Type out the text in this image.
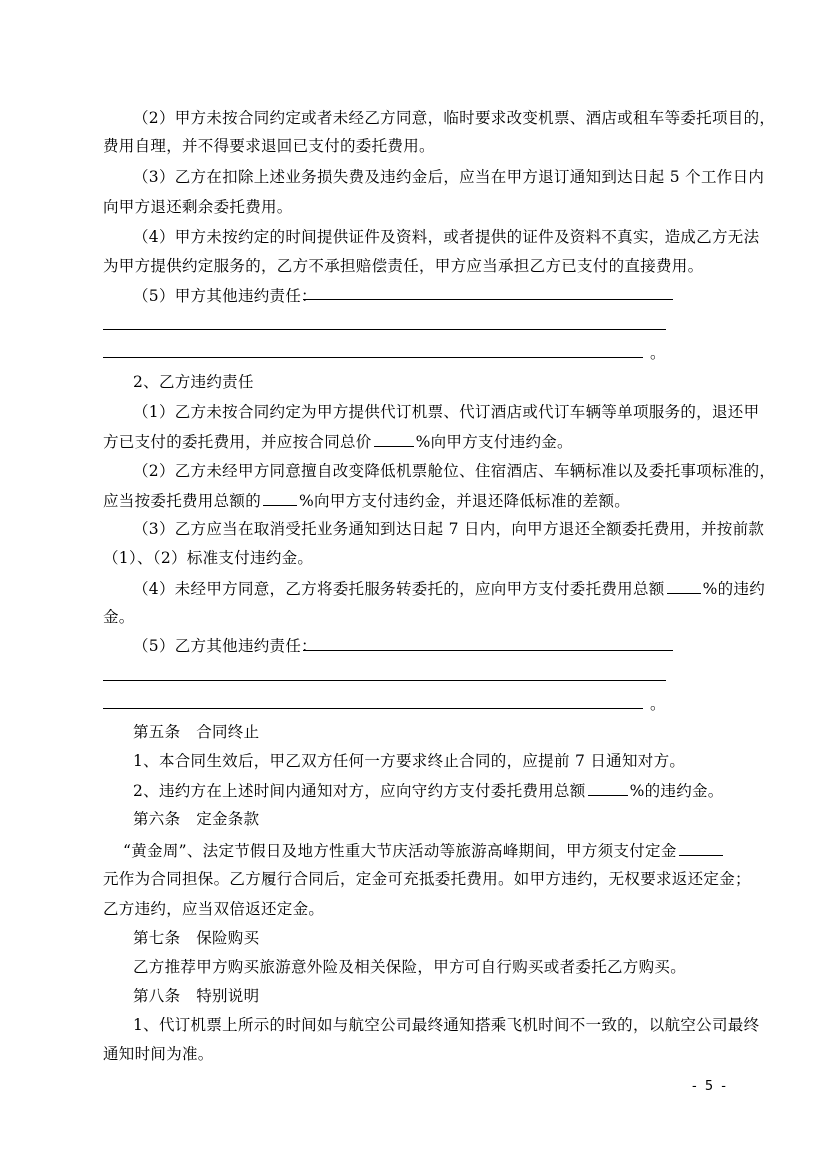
（2）甲方未按合同约定或者未经乙方同意，临时要求改变机票、酒店或租车等委托项目的，
费用自理，并不得要求退回已支付的委托费用。
（3）乙方在扣除上述业务损失费及违约金后，应当在甲方退订通知到达日起 5 个工作日内
向甲方退还剩余委托费用。
（4）甲方未按约定的时间提供证件及资料，或者提供的证件及资料不真实，造成乙方无法
为甲方提供约定服务的，乙方不承担赔偿责任，甲方应当承担乙方已支付的直接费用。
（5）甲方其他违约责任：
。
2、乙方违约责任
（1）乙方未按合同约定为甲方提供代订机票、代订酒店或代订车辆等单项服务的，退还甲
方已支付的委托费用，并应按合同总价	%向甲方支付违约金。
（2）乙方未经甲方同意擅自改变降低机票舱位、住宿酒店、车辆标准以及委托事项标准的，
应当按委托费用总额的 %向甲方支付违约金，并退还降低标准的差额。
（3）乙方应当在取消受托业务通知到达日起 7 日内，向甲方退还全额委托费用，并按前款
（1）、（2）标准支付违约金。
（4）未经甲方同意，乙方将委托服务转委托的，应向甲方支付委托费用总额 %的违约
金。
（5）乙方其他违约责任：
。
第五条　合同终止
1、本合同生效后，甲乙双方任何一方要求终止合同的，应提前 7 日通知对方。
2、违约方在上述时间内通知对方，应向守约方支付委托费用总额	%的违约金。
第六条　定金条款
“黄金周”、法定节假日及地方性重大节庆活动等旅游高峰期间，甲方须支付定金
元作为合同担保。乙方履行合同后，定金可充抵委托费用。如甲方违约，无权要求返还定金；
乙方违约，应当双倍返还定金。
第七条　保险购买
乙方推荐甲方购买旅游意外险及相关保险，甲方可自行购买或者委托乙方购买。
第八条　特别说明
1、代订机票上所示的时间如与航空公司最终通知搭乘飞机时间不一致的，以航空公司最终
通知时间为准。
- 5 -
